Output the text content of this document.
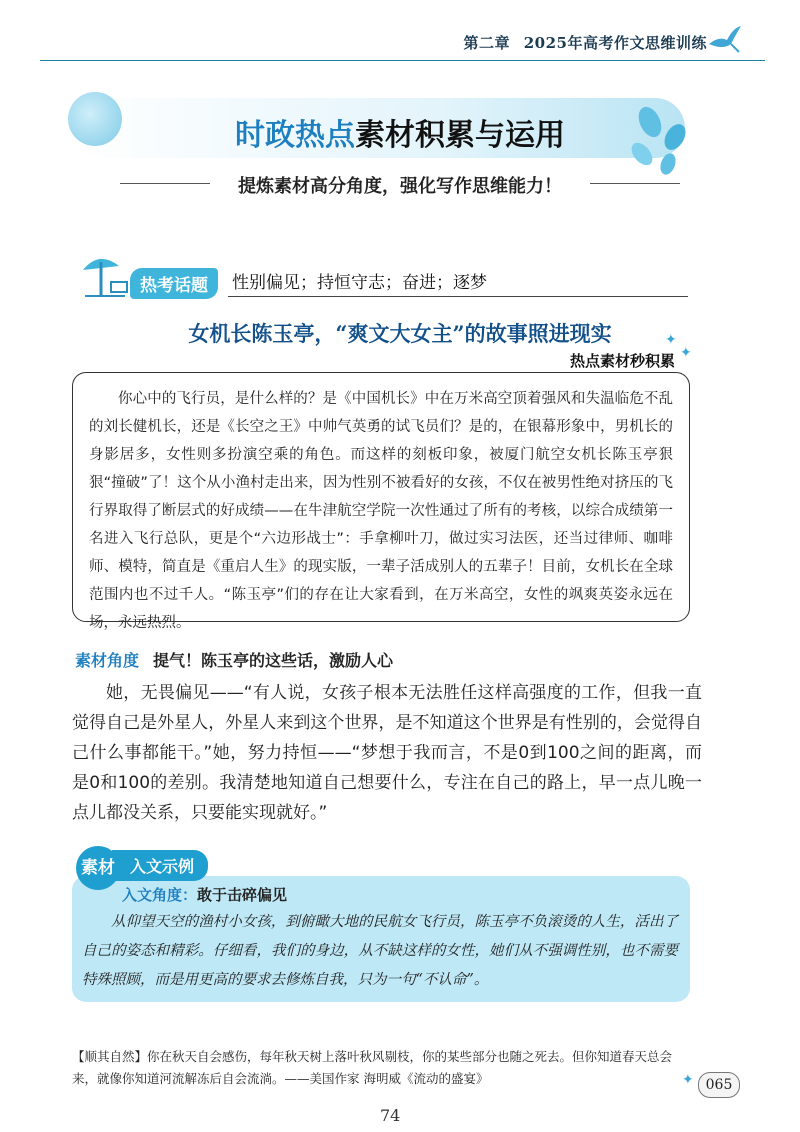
第二章 2025年高考作文思维训练
时政热点素材积累与运用
提炼素材高分角度，强化写作思维能力！
热考话题	性别偏见；持恒守志；奋进；逐梦
女机长陈玉亭，“爽文大女主”的故事照进现实	✦
✦
热点素材秒积累

你心中的飞行员，是什么样的？是《中国机长》中在万米高空顶着强风和失温临危不乱的刘长健机长，还是《长空之王》中帅气英勇的试飞员们？是的，在银幕形象中，男机长的身影居多，女性则多扮演空乘的角色。而这样的刻板印象，被厦门航空女机长陈玉亭狠狠“撞破”了！这个从小渔村走出来，因为性别不被看好的女孩，不仅在被男性绝对挤压的飞行界取得了断层式的好成绩——在牛津航空学院一次性通过了所有的考核，以综合成绩第一名进入飞行总队，更是个“六边形战士”：手拿柳叶刀，做过实习法医，还当过律师、咖啡师、模特，简直是《重启人生》的现实版，一辈子活成别人的五辈子！目前，女机长在全球范围内也不过千人。“陈玉亭”们的存在让大家看到，在万米高空，女性的飒爽英姿永远在场，永远热烈。

素材角度 提气！陈玉亭的这些话，激励人心

她，无畏偏见——“有人说，女孩子根本无法胜任这样高强度的工作，但我一直觉得自己是外星人，外星人来到这个世界，是不知道这个世界是有性别的，会觉得自己什么事都能干。”她，努力持恒——“梦想于我而言，不是0到100之间的距离，而是0和100的差别。我清楚地知道自己想要什么，专注在自己的路上，早一点儿晚一点儿都没关系，只要能实现就好。”

入文示例
素材
入文角度：敢于击碎偏见

从仰望天空的渔村小女孩，到俯瞰大地的民航女飞行员，陈玉亭不负滚烫的人生，活出了自己的姿态和精彩。仔细看，我们的身边，从不缺这样的女性，她们从不强调性别，也不需要特殊照顾，而是用更高的要求去修炼自我，只为一句“不认命”。

【顺其自然】你在秋天自会感伤，每年秋天树上落叶秋风剔枝，你的某些部分也随之死去。但你知道春天总会来，就像你知道河流解冻后自会流淌。——美国作家 海明威《流动的盛宴》	✦ 065
74
